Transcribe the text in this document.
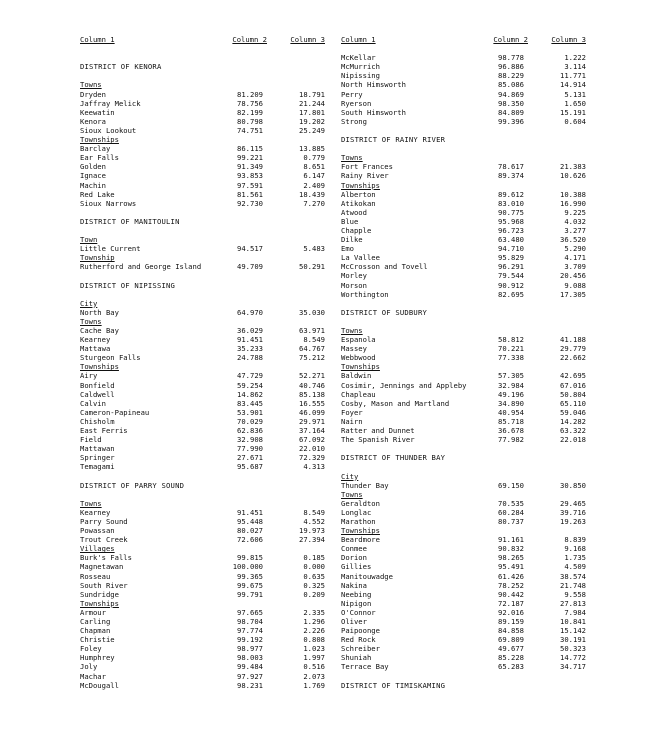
Column 1	Column 2	Column 3
DISTRICT OF KENORA
Towns
Dryden	81.209	18.791
Jaffray Melick	78.756	21.244
Keewatin	82.199	17.801
Kenora	80.798	19.202
Sioux Lookout	74.751	25.249
Townships
Barclay	86.115	13.885
Ear Falls	99.221	0.779
Golden	91.349	8.651
Ignace	93.853	6.147
Machin	97.591	2.409
Red Lake	81.561	18.439
Sioux Narrows	92.730	7.270
DISTRICT OF MANITOULIN
Town
Little Current	94.517	5.483
Township
Rutherford and George Island	49.709	50.291
DISTRICT OF NIPISSING
City
North Bay	64.970	35.030
Towns
Cache Bay	36.029	63.971
Kearney	91.451	8.549
Mattawa	35.233	64.767
Sturgeon Falls	24.788	75.212
Townships
Airy	47.729	52.271
Bonfield	59.254	40.746
Caldwell	14.862	85.138
Calvin	83.445	16.555
Cameron-Papineau	53.901	46.099
Chisholm	70.029	29.971
East Ferris	62.836	37.164
Field	32.908	67.092
Mattawan	77.990	22.010
Springer	27.671	72.329
Temagami	95.687	4.313
DISTRICT OF PARRY SOUND
Towns
Kearney	91.451	8.549
Parry Sound	95.448	4.552
Powassan	80.027	19.973
Trout Creek	72.606	27.394
Villages
Burk's Falls	99.815	0.185
Magnetawan	100.000	0.000
Rosseau	99.365	0.635
South River	99.675	0.325
Sundridge	99.791	0.209
Townships
Armour	97.665	2.335
Carling	98.704	1.296
Chapman	97.774	2.226
Christie	99.192	0.808
Foley	98.977	1.023
Humphrey	98.003	1.997
Joly	99.484	0.516
Machar	97.927	2.073
McDougall	98.231	1.769
Column 1	Column 2	Column 3
McKellar	98.778	1.222
McMurrich	96.886	3.114
Nipissing	88.229	11.771
North Himsworth	85.086	14.914
Perry	94.869	5.131
Ryerson	98.350	1.650
South Himsworth	84.809	15.191
Strong	99.396	0.604
DISTRICT OF RAINY RIVER
Towns
Fort Frances	78.617	21.383
Rainy River	89.374	10.626
Townships
Alberton	89.612	10.388
Atikokan	83.010	16.990
Atwood	90.775	9.225
Blue	95.968	4.032
Chapple	96.723	3.277
Dilke	63.480	36.520
Emo	94.710	5.290
La Vallee	95.829	4.171
McCrosson and Tovell	96.291	3.709
Morley	79.544	20.456
Morson	90.912	9.088
Worthington	82.695	17.305
DISTRICT OF SUDBURY
Towns
Espanola	58.812	41.188
Massey	70.221	29.779
Webbwood	77.338	22.662
Townships
Baldwin	57.305	42.695
Cosimir, Jennings and Appleby	32.984	67.016
Chapleau	49.196	50.804
Cosby, Mason and Martland	34.890	65.110
Foyer	40.954	59.046
Nairn	85.718	14.282
Ratter and Dunnet	36.678	63.322
The Spanish River	77.982	22.018
DISTRICT OF THUNDER BAY
City
Thunder Bay	69.150	30.850
Towns
Geraldton	70.535	29.465
Longlac	60.284	39.716
Marathon	80.737	19.263
Townships
Beardmore	91.161	8.839
Conmee	90.832	9.168
Dorion	98.265	1.735
Gillies	95.491	4.509
Manitouwadge	61.426	38.574
Nakina	78.252	21.748
Neebing	90.442	9.558
Nipigon	72.187	27.813
O'Connor	92.016	7.984
Oliver	89.159	10.841
Paipoonge	84.858	15.142
Red Rock	69.809	30.191
Schreiber	49.677	50.323
Shuniah	85.228	14.772
Terrace Bay	65.283	34.717
DISTRICT OF TIMISKAMING
